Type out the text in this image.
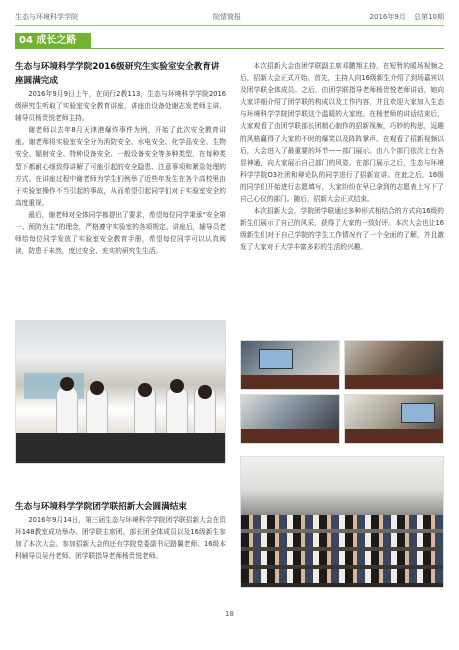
生态与环境科学学院	院情简报	2016年9月 总第10期
04 成长之路
生态与环境科学学院2016级研究生实验室安全教育讲座圆满完成

2016年9月9日上午，在闵行2教113，生态与环境科学学院2016级研究生听取了实验室安全教育讲座，讲座由设备处谢志发老师主讲，辅导员杨贵悦老师主持。

谢老师以去年8月天津港爆炸事件为例，开始了此次安全教育讲座。谢老师将实验室安全分为消防安全、水电安全、化学品安全、生物安全、辐射安全、特种设备安全、一般设备安全等多种类型，在每种类型下都耐心细致得讲解了可能引起的安全隐患、注意事项和紧急处理的方式。在讲座过程中谢老师为学生们例举了近些年发生在各个高校里由于实验室操作不当引起的事故，从而希望引起同学们对于实验室安全的高度重视。

最后，谢老师对全体同学都提出了要求，希望每位同学秉承“安全第一、预防为主”的理念，严格遵守实验室的各项规定。讲座后，辅导员老师给每位同学发放了实验室安全教育手册，希望每位同学可以认真阅读，防患于未然，度过安全、充实的研究生生活。

本次招新大会由团学联副主席邓鹏翔主持，在短暂的暖场视频之后，招新大会正式开始。首先，主持人向16级新生介绍了到场嘉宾以及团学联全体成员。之后，由团学联指导老师杨贵悦老师讲话，她向大家详细介绍了团学联的构成以及工作内容，并且欢迎大家加入生态与环境科学学院团学联这个温暖的大家庭。在杨老师的讲话结束后，大家观看了由团学联部长团精心制作的招新视频，巧妙的构思，逗趣的风格赢得了大家的不时的爆笑以及阵阵掌声。在观看了招新视频以后，大会进入了最重要的环节——部门展示。由八个部门依次上台各显神通，向大家展示自己部门的风姿。在部门展示之后，生态与环境科学学院O3社团和辩论队的同学进行了招新宣讲。在此之后，16级的同学们开始进行志愿填写，大家纷纷在早已拿到的志愿表上写下了自己心仪的部门。随后，招新大会正式结束。

本次招新大会，学院团学联通过多种形式相结合的方式向16级的新生们展示了自己的风采，获得了大家的一致好评。本次大会也让16级新生们对于自己学院的学生工作情况有了一个全面的了解，并且激发了大家对于大学丰富多彩的生活的兴趣。

生态与环境科学学院团学联招新大会圆满结束

2016年9月14日，第三届生态与环境科学学院团学联招新大会在资环148教室成功举办。团学联主席团、部长团全体成员以及16级新生参加了本次大会。参加招新大会的还有学院党委副书记路翼老师、16级本科辅导员吴丹老师、团学联指导老师杨贵悦老师。

18
